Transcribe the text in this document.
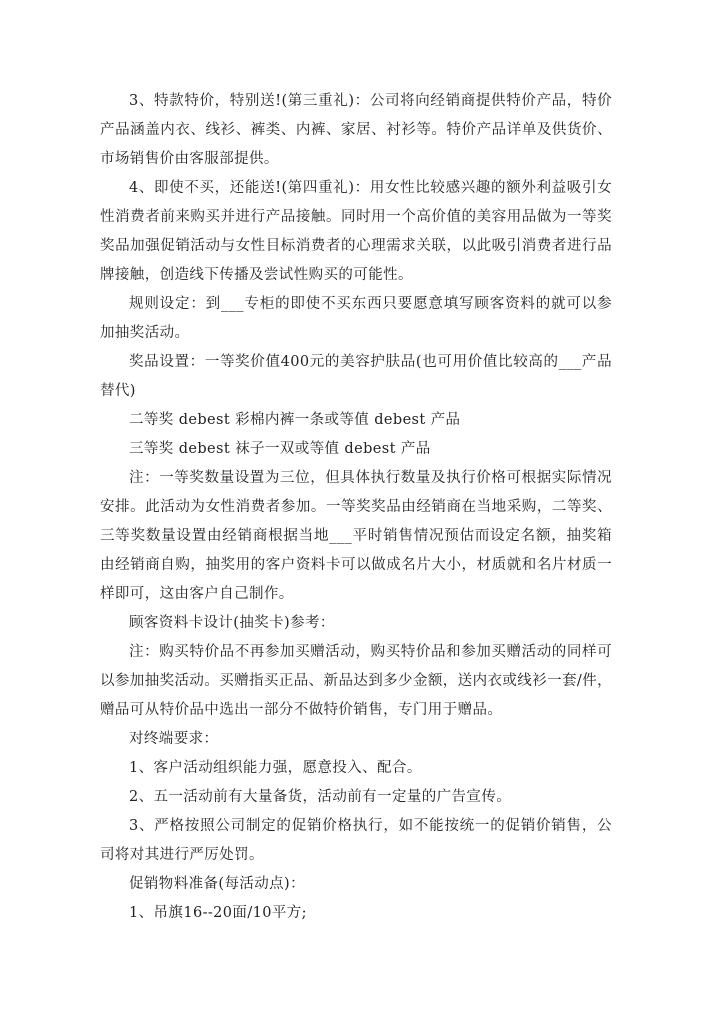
3、特款特价，特别送!(第三重礼)：公司将向经销商提供特价产品，特价产品涵盖内衣、线衫、裤类、内裤、家居、衬衫等。特价产品详单及供货价、市场销售价由客服部提供。

4、即使不买，还能送!(第四重礼)：用女性比较感兴趣的额外利益吸引女性消费者前来购买并进行产品接触。同时用一个高价值的美容用品做为一等奖奖品加强促销活动与女性目标消费者的心理需求关联，以此吸引消费者进行品牌接触，创造线下传播及尝试性购买的可能性。

规则设定：到___专柜的即使不买东西只要愿意填写顾客资料的就可以参加抽奖活动。

奖品设置：一等奖价值400元的美容护肤品(也可用价值比较高的___产品替代)

二等奖 debest 彩棉内裤一条或等值 debest 产品

三等奖 debest 袜子一双或等值 debest 产品

注：一等奖数量设置为三位，但具体执行数量及执行价格可根据实际情况安排。此活动为女性消费者参加。一等奖奖品由经销商在当地采购，二等奖、三等奖数量设置由经销商根据当地___平时销售情况预估而设定名额，抽奖箱由经销商自购，抽奖用的客户资料卡可以做成名片大小，材质就和名片材质一样即可，这由客户自己制作。

顾客资料卡设计(抽奖卡)参考：

注：购买特价品不再参加买赠活动，购买特价品和参加买赠活动的同样可以参加抽奖活动。买赠指买正品、新品达到多少金额，送内衣或线衫一套/件，赠品可从特价品中选出一部分不做特价销售，专门用于赠品。

对终端要求：

1、客户活动组织能力强，愿意投入、配合。

2、五一活动前有大量备货，活动前有一定量的广告宣传。

3、严格按照公司制定的促销价格执行，如不能按统一的促销价销售，公司将对其进行严厉处罚。

促销物料准备(每活动点)：

1、吊旗16--20面/10平方;
